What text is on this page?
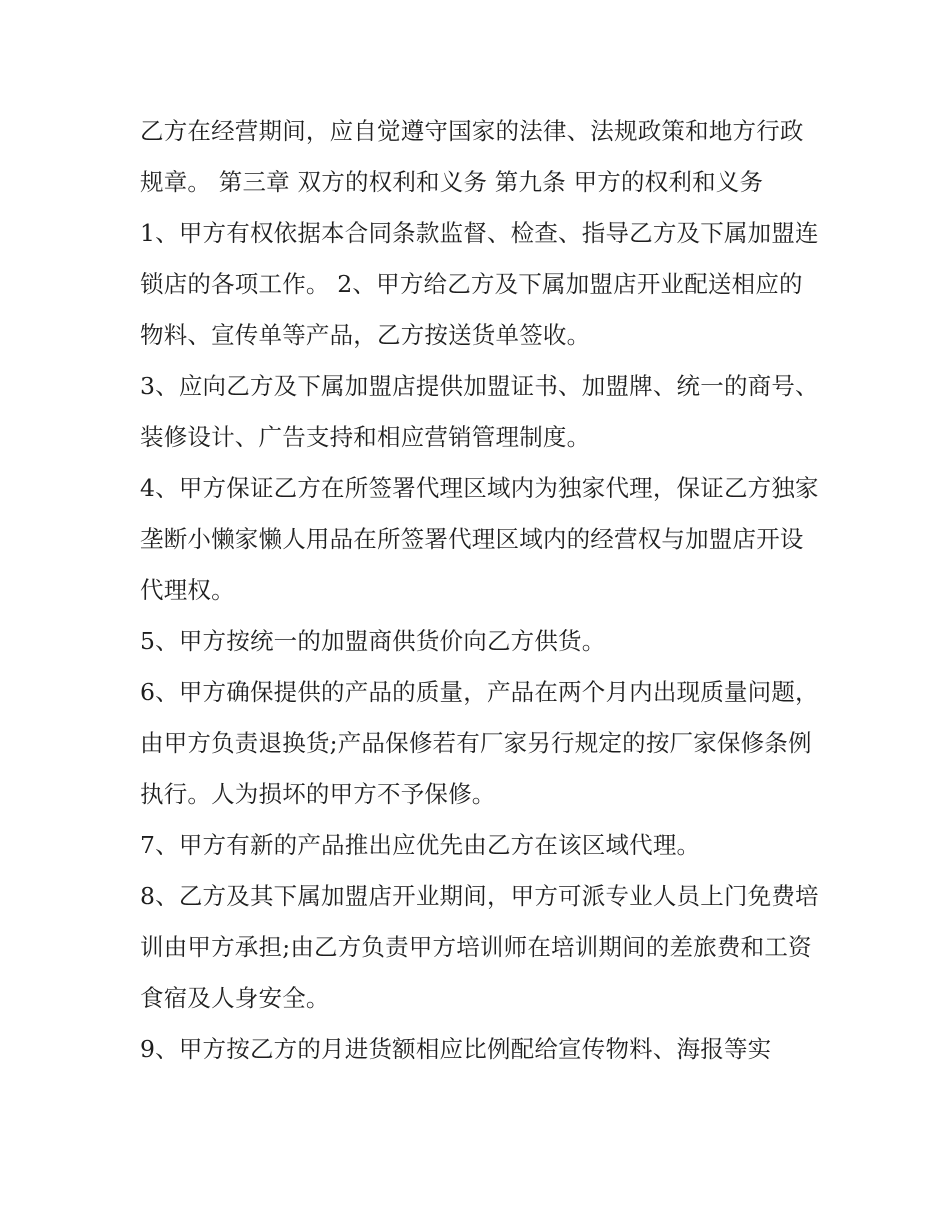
乙方在经营期间，应自觉遵守国家的法律、法规政策和地方行政规章。 第三章 双方的权利和义务 第九条 甲方的权利和义务

1、甲方有权依据本合同条款监督、检查、指导乙方及下属加盟连锁店的各项工作。 2、甲方给乙方及下属加盟店开业配送相应的物料、宣传单等产品，乙方按送货单签收。

3、应向乙方及下属加盟店提供加盟证书、加盟牌、统一的商号、装修设计、广告支持和相应营销管理制度。

4、甲方保证乙方在所签署代理区域内为独家代理，保证乙方独家垄断小懒家懒人用品在所签署代理区域内的经营权与加盟店开设代理权。

5、甲方按统一的加盟商供货价向乙方供货。

6、甲方确保提供的产品的质量，产品在两个月内出现质量问题，由甲方负责退换货;产品保修若有厂家另行规定的按厂家保修条例执行。人为损坏的甲方不予保修。

7、甲方有新的产品推出应优先由乙方在该区域代理。

8、乙方及其下属加盟店开业期间，甲方可派专业人员上门免费培训由甲方承担;由乙方负责甲方培训师在培训期间的差旅费和工资食宿及人身安全。

9、甲方按乙方的月进货额相应比例配给宣传物料、海报等实
